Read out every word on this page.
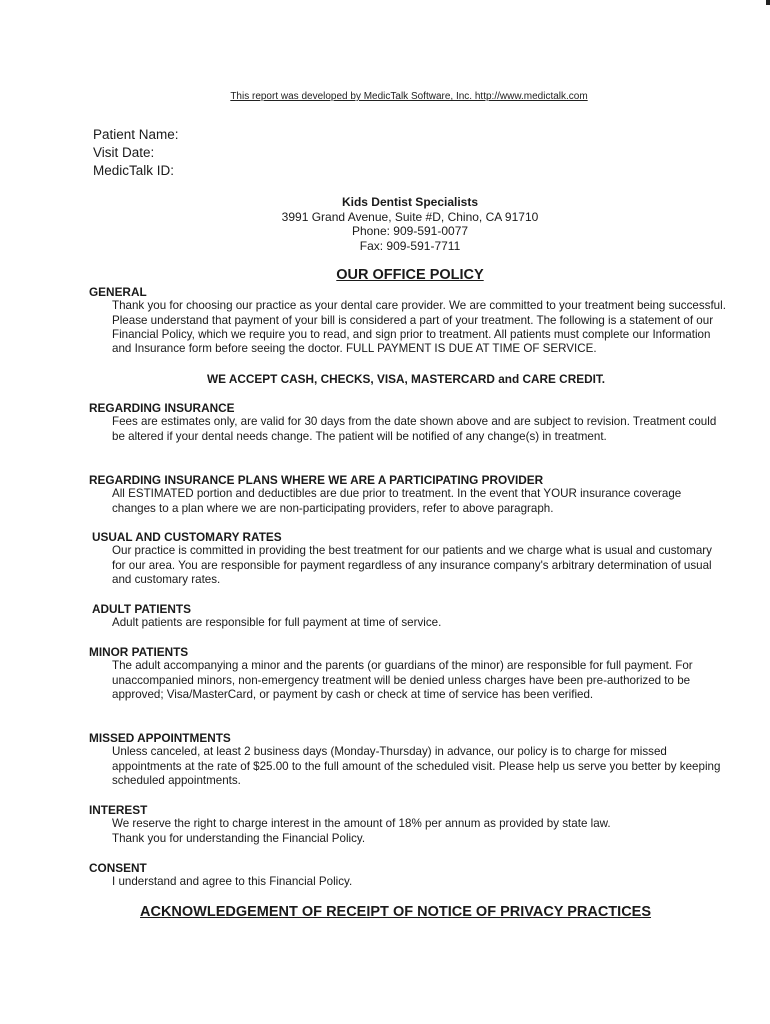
This report was developed by MedicTalk Software, Inc. http://www.medictalk.com
Patient Name:
Visit Date:
MedicTalk ID:
Kids Dentist Specialists
3991 Grand Avenue, Suite #D, Chino, CA 91710
Phone: 909-591-0077
Fax: 909-591-7711
OUR OFFICE POLICY
GENERAL
Thank you for choosing our practice as your dental care provider. We are committed to your treatment being successful. Please understand that payment of your bill is considered a part of your treatment. The following is a statement of our Financial Policy, which we require you to read, and sign prior to treatment. All patients must complete our Information and Insurance form before seeing the doctor. FULL PAYMENT IS DUE AT TIME OF SERVICE.
WE ACCEPT CASH, CHECKS, VISA, MASTERCARD and CARE CREDIT.
REGARDING INSURANCE
Fees are estimates only, are valid for 30 days from the date shown above and are subject to revision. Treatment could be altered if your dental needs change. The patient will be notified of any change(s) in treatment.
REGARDING INSURANCE PLANS WHERE WE ARE A PARTICIPATING PROVIDER
All ESTIMATED portion and deductibles are due prior to treatment. In the event that YOUR insurance coverage changes to a plan where we are non-participating providers, refer to above paragraph.
USUAL AND CUSTOMARY RATES
Our practice is committed in providing the best treatment for our patients and we charge what is usual and customary for our area. You are responsible for payment regardless of any insurance company's arbitrary determination of usual and customary rates.
ADULT PATIENTS
Adult patients are responsible for full payment at time of service.
MINOR PATIENTS
The adult accompanying a minor and the parents (or guardians of the minor) are responsible for full payment. For unaccompanied minors, non-emergency treatment will be denied unless charges have been pre-authorized to be approved; Visa/MasterCard, or payment by cash or check at time of service has been verified.
MISSED APPOINTMENTS
Unless canceled, at least 2 business days (Monday-Thursday) in advance, our policy is to charge for missed appointments at the rate of $25.00 to the full amount of the scheduled visit. Please help us serve you better by keeping scheduled appointments.
INTEREST
We reserve the right to charge interest in the amount of 18% per annum as provided by state law.
Thank you for understanding the Financial Policy.
CONSENT
I understand and agree to this Financial Policy.
ACKNOWLEDGEMENT OF RECEIPT OF NOTICE OF PRIVACY PRACTICES
